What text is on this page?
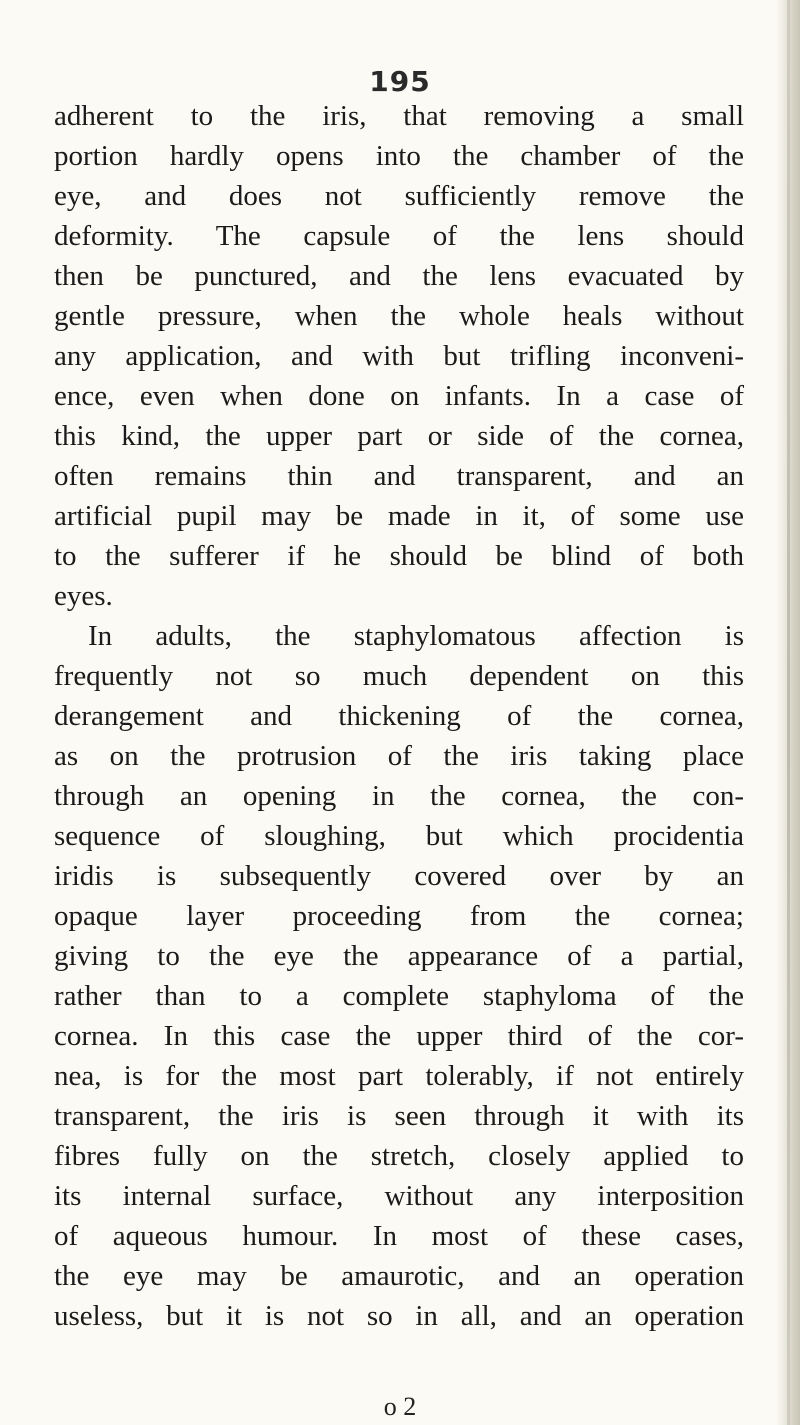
195
adherent to the iris, that removing a small
portion hardly opens into the chamber of the
eye, and does not sufficiently remove the
deformity. The capsule of the lens should
then be punctured, and the lens evacuated by
gentle pressure, when the whole heals without
any application, and with but trifling inconveni-
ence, even when done on infants. In a case of
this kind, the upper part or side of the cornea,
often remains thin and transparent, and an
artificial pupil may be made in it, of some use
to the sufferer if he should be blind of both
eyes.
In adults, the staphylomatous affection is
frequently not so much dependent on this
derangement and thickening of the cornea,
as on the protrusion of the iris taking place
through an opening in the cornea, the con-
sequence of sloughing, but which procidentia
iridis is subsequently covered over by an
opaque layer proceeding from the cornea;
giving to the eye the appearance of a partial,
rather than to a complete staphyloma of the
cornea. In this case the upper third of the cor-
nea, is for the most part tolerably, if not entirely
transparent, the iris is seen through it with its
fibres fully on the stretch, closely applied to
its internal surface, without any interposition
of aqueous humour. In most of these cases,
the eye may be amaurotic, and an operation
useless, but it is not so in all, and an operation
o 2
